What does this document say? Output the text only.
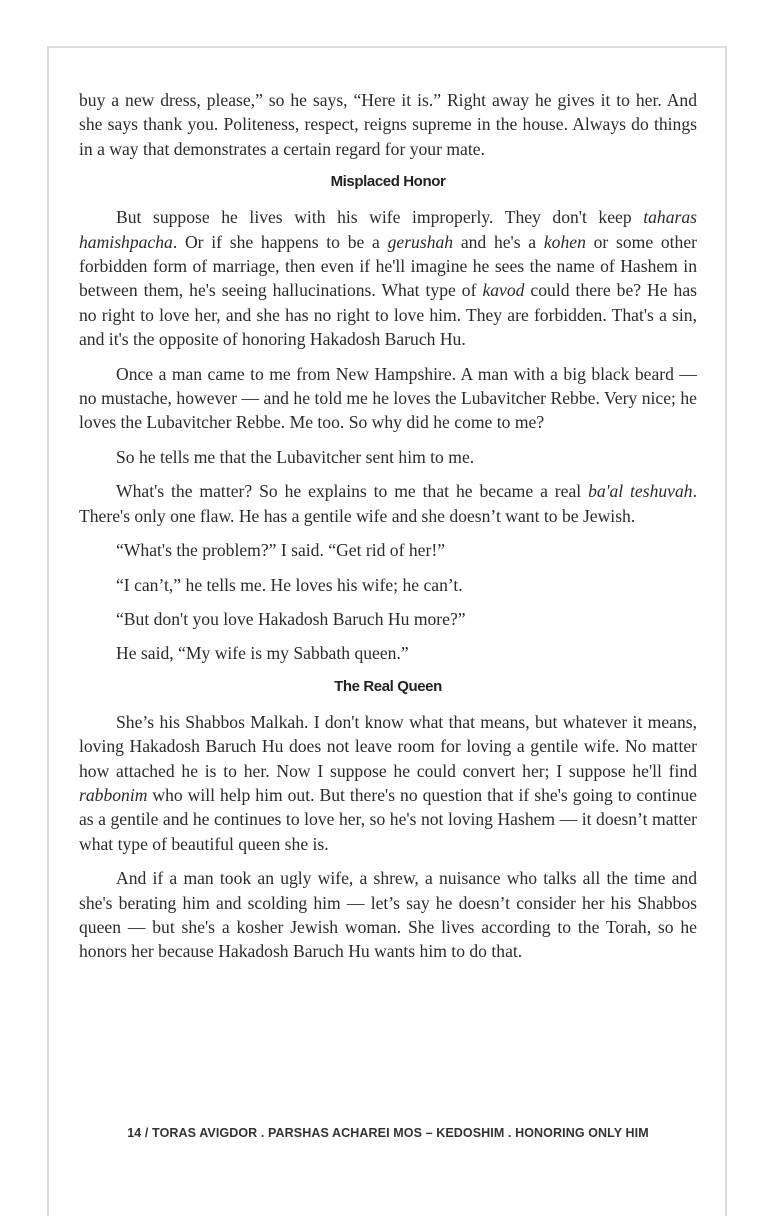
buy a new dress, please,” so he says, “Here it is.” Right away he gives it to her. And she says thank you. Politeness, respect, reigns supreme in the house. Always do things in a way that demonstrates a certain regard for your mate.

Misplaced Honor

But suppose he lives with his wife improperly. They don't keep taharas hamishpacha. Or if she happens to be a gerushah and he's a kohen or some other forbidden form of marriage, then even if he'll imagine he sees the name of Hashem in between them, he's seeing hallucinations. What type of kavod could there be? He has no right to love her, and she has no right to love him. They are forbidden. That's a sin, and it's the opposite of honoring Hakadosh Baruch Hu.

Once a man came to me from New Hampshire. A man with a big black beard — no mustache, however — and he told me he loves the Lubavitcher Rebbe. Very nice; he loves the Lubavitcher Rebbe. Me too. So why did he come to me?

So he tells me that the Lubavitcher sent him to me.

What's the matter? So he explains to me that he became a real ba'al teshuvah. There's only one flaw. He has a gentile wife and she doesn’t want to be Jewish.

“What's the problem?” I said. “Get rid of her!”

“I can’t,” he tells me. He loves his wife; he can’t.

“But don't you love Hakadosh Baruch Hu more?”

He said, “My wife is my Sabbath queen.”

The Real Queen

She’s his Shabbos Malkah. I don't know what that means, but whatever it means, loving Hakadosh Baruch Hu does not leave room for loving a gentile wife. No matter how attached he is to her. Now I suppose he could convert her; I suppose he'll find rabbonim who will help him out. But there's no question that if she's going to continue as a gentile and he continues to love her, so he's not loving Hashem — it doesn’t matter what type of beautiful queen she is.

And if a man took an ugly wife, a shrew, a nuisance who talks all the time and she's berating him and scolding him — let’s say he doesn’t consider her his Shabbos queen — but she's a kosher Jewish woman. She lives according to the Torah, so he honors her because Hakadosh Baruch Hu wants him to do that.

14 / TORAS AVIGDOR . PARSHAS ACHAREI MOS – KEDOSHIM . HONORING ONLY HIM
